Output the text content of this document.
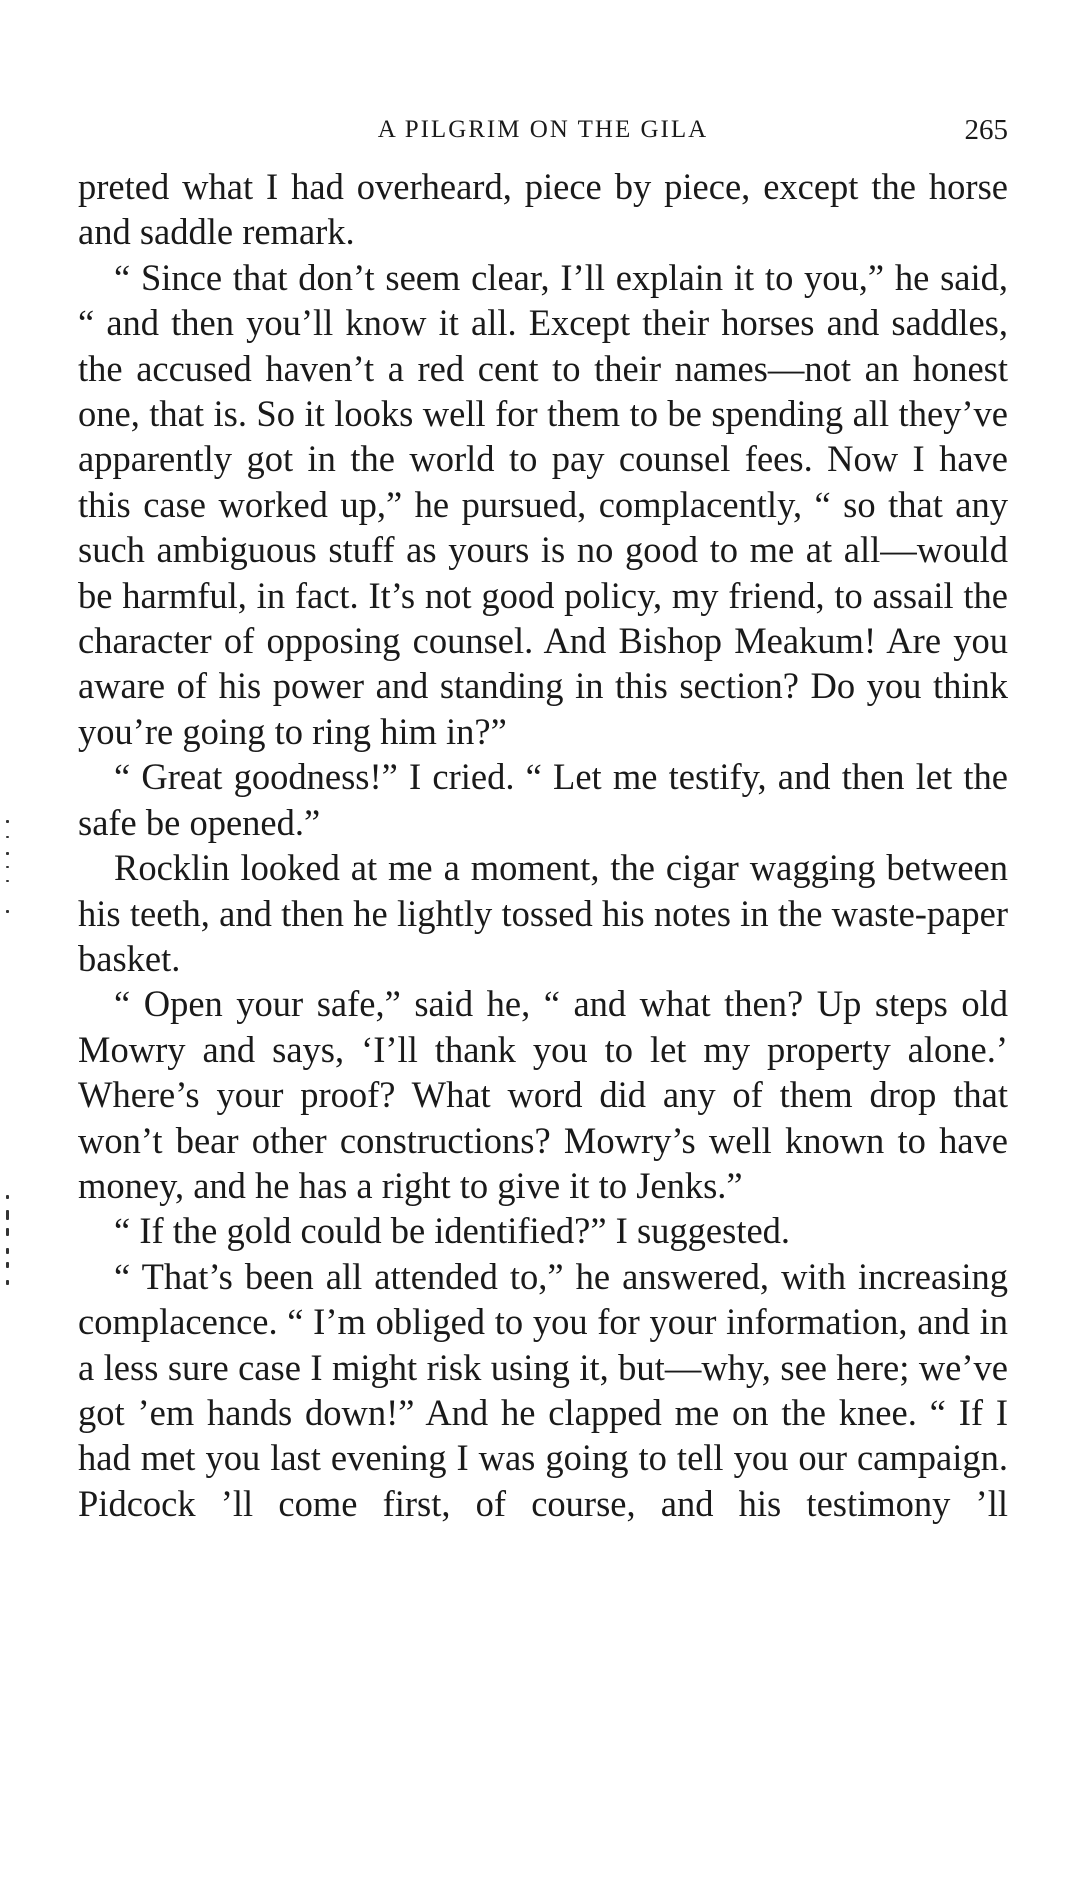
A PILGRIM ON THE GILA	265

preted what I had overheard, piece by piece, except the horse and saddle remark.

“ Since that don’t seem clear, I’ll explain it to you,” he said, “ and then you’ll know it all. Except their horses and saddles, the accused haven’t a red cent to their names—not an honest one, that is. So it looks well for them to be spending all they’ve apparently got in the world to pay counsel fees. Now I have this case worked up,” he pursued, complacently, “ so that any such ambiguous stuff as yours is no good to me at all—would be harmful, in fact. It’s not good policy, my friend, to assail the character of opposing counsel. And Bishop Meakum! Are you aware of his power and standing in this section? Do you think you’re going to ring him in?”

“ Great goodness!” I cried. “ Let me testify, and then let the safe be opened.”

Rocklin looked at me a moment, the cigar wagging between his teeth, and then he lightly tossed his notes in the waste-paper basket.

“ Open your safe,” said he, “ and what then? Up steps old Mowry and says, ‘I’ll thank you to let my property alone.’ Where’s your proof? What word did any of them drop that won’t bear other constructions? Mowry’s well known to have money, and he has a right to give it to Jenks.”

“ If the gold could be identified?” I suggested.

“ That’s been all attended to,” he answered, with increasing complacence. “ I’m obliged to you for your information, and in a less sure case I might risk using it, but—why, see here; we’ve got ’em hands down!” And he clapped me on the knee. “ If I had met you last evening I was going to tell you our campaign. Pidcock ’ll come first, of course, and his testimony ’ll
